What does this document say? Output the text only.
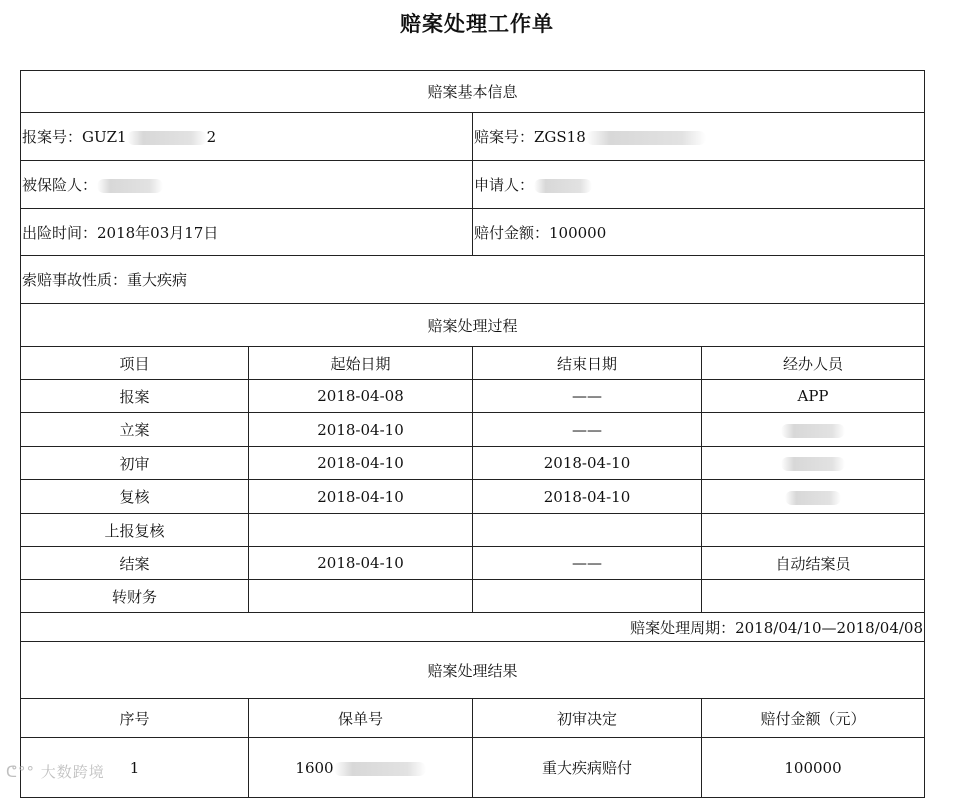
赔案处理工作单
赔案基本信息			
报案号：GUZ1 2		赔案号：ZGS18	
被保险人：		申请人：	
出险时间：2018年03月17日		赔付金额：100000	
索赔事故性质：重大疾病			
赔案处理过程			
项目	起始日期	结束日期	经办人员
报案	2018-04-08	——	APP
立案	2018-04-10	——	
初审	2018-04-10	2018-04-10	
复核	2018-04-10	2018-04-10	
上报复核			
结案	2018-04-10	——	自动结案员
转财务			
赔案处理周期：2018/04/10—2018/04/08			
赔案处理结果			
序号	保单号	初审决定	赔付金额（元）
1	1600	重大疾病赔付	100000
ᕦ°° 大数跨境
